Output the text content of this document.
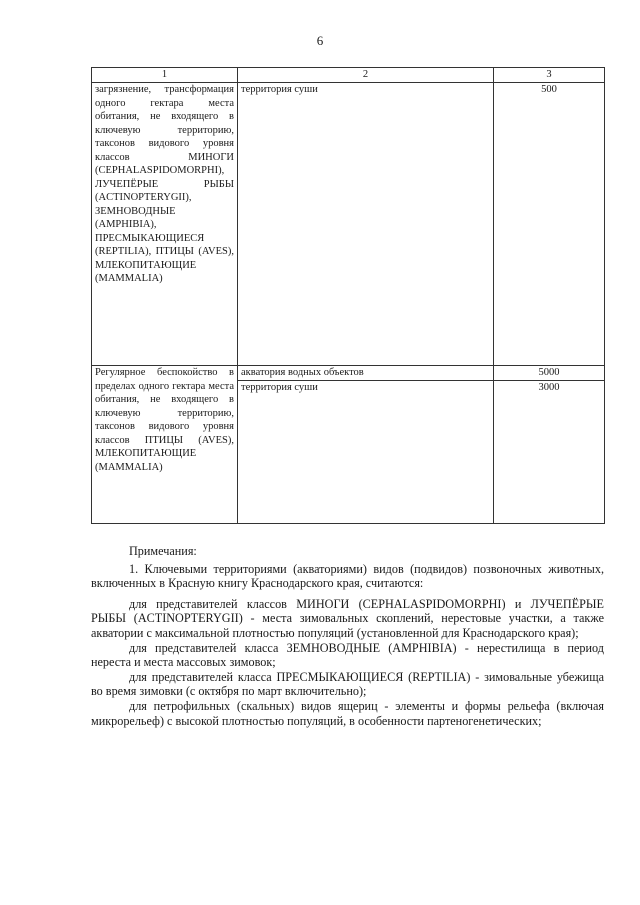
6
1	2	3
загрязнение, трансформация одного гектара места обитания, не входящего в ключевую территорию, таксонов видового уровня классов МИНОГИ (CEPHALASPIDOMORPHI), ЛУЧЕПЁРЫЕ РЫБЫ (ACTINOPTERYGII), ЗЕМНОВОДНЫЕ (AMPHIBIA), ПРЕСМЫКАЮЩИЕСЯ (REPTILIA), ПТИЦЫ (AVES), МЛЕКОПИТАЮЩИЕ (MAMMALIA)	территория суши	500
Регулярное беспокойство в пределах одного гектара места обитания, не входящего в ключевую территорию, таксонов видового уровня классов ПТИЦЫ (AVES), МЛЕКОПИТАЮЩИЕ (MAMMALIA)	акватория водных объектов	5000
	территория суши	3000

Примечания:

1. Ключевыми территориями (акваториями) видов (подвидов) позвоночных животных, включенных в Красную книгу Краснодарского края, считаются:

для представителей классов МИНОГИ (CEPHALASPIDOMORPHI) и ЛУЧЕПЁРЫЕ РЫБЫ (ACTINOPTERYGII) - места зимовальных скоплений, нерестовые участки, а также акватории с максимальной плотностью популяций (установленной для Краснодарского края);

для представителей класса ЗЕМНОВОДНЫЕ (AMPHIBIA) - нерестилища в период нереста и места массовых зимовок;

для представителей класса ПРЕСМЫКАЮЩИЕСЯ (REPTILIA) - зимовальные убежища во время зимовки (с октября по март включительно);

для петрофильных (скальных) видов ящериц - элементы и формы рельефа (включая микрорельеф) с высокой плотностью популяций, в особенности партеногенетических;
